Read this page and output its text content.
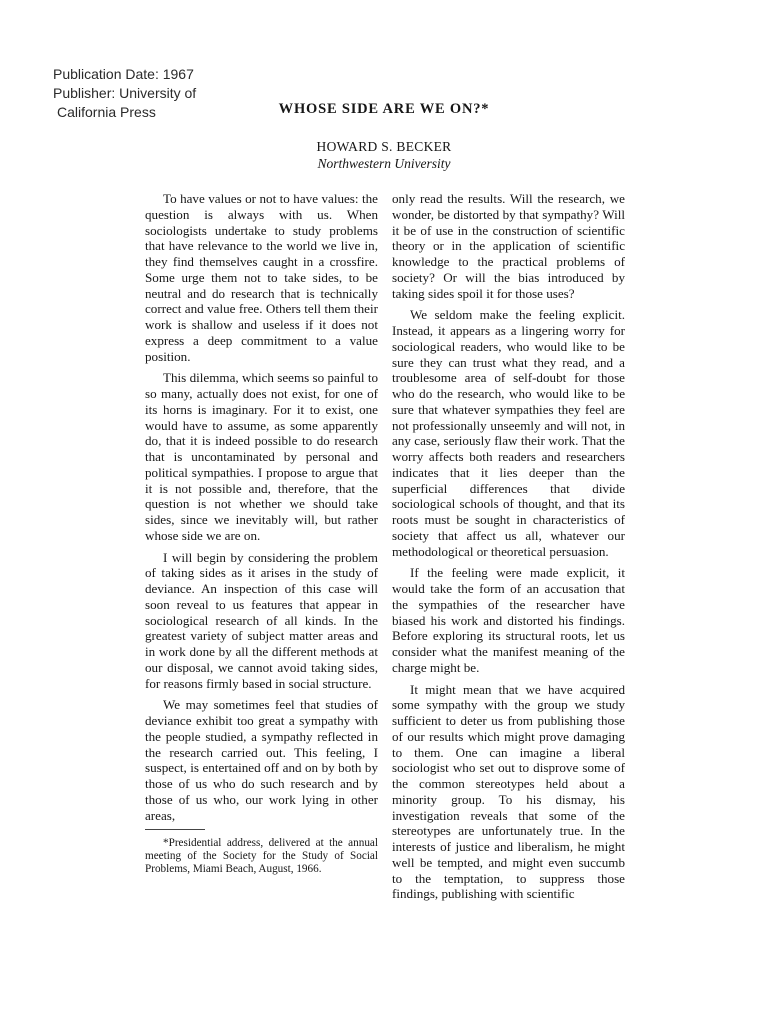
Publication Date: 1967
Publisher: University of
California Press	WHOSE SIDE ARE WE ON?*
HOWARD S. BECKER
Northwestern University

To have values or not to have values: the question is always with us. When sociologists undertake to study problems that have relevance to the world we live in, they find themselves caught in a crossfire. Some urge them not to take sides, to be neutral and do research that is technically correct and value free. Others tell them their work is shallow and useless if it does not express a deep commitment to a value position.

This dilemma, which seems so painful to so many, actually does not exist, for one of its horns is imaginary. For it to exist, one would have to assume, as some apparently do, that it is indeed possible to do research that is uncontaminated by personal and political sympathies. I propose to argue that it is not possible and, therefore, that the question is not whether we should take sides, since we inevitably will, but rather whose side we are on.

I will begin by considering the problem of taking sides as it arises in the study of deviance. An inspection of this case will soon reveal to us features that appear in sociological research of all kinds. In the greatest variety of subject matter areas and in work done by all the different methods at our disposal, we cannot avoid taking sides, for reasons firmly based in social structure.

We may sometimes feel that studies of deviance exhibit too great a sympathy with the people studied, a sympathy reflected in the research carried out. This feeling, I suspect, is entertained off and on by both by those of us who do such research and by those of us who, our work lying in other areas,

*Presidential address, delivered at the annual meeting of the Society for the Study of Social Problems, Miami Beach, August, 1966.

only read the results. Will the research, we wonder, be distorted by that sympathy? Will it be of use in the construction of scientific theory or in the application of scientific knowledge to the practical problems of society? Or will the bias introduced by taking sides spoil it for those uses?

We seldom make the feeling explicit. Instead, it appears as a lingering worry for sociological readers, who would like to be sure they can trust what they read, and a troublesome area of self-doubt for those who do the research, who would like to be sure that whatever sympathies they feel are not professionally unseemly and will not, in any case, seriously flaw their work. That the worry affects both readers and researchers indicates that it lies deeper than the superficial differences that divide sociological schools of thought, and that its roots must be sought in characteristics of society that affect us all, whatever our methodological or theoretical persuasion.

If the feeling were made explicit, it would take the form of an accusation that the sympathies of the researcher have biased his work and distorted his findings. Before exploring its structural roots, let us consider what the manifest meaning of the charge might be.

It might mean that we have acquired some sympathy with the group we study sufficient to deter us from publishing those of our results which might prove damaging to them. One can imagine a liberal sociologist who set out to disprove some of the common stereotypes held about a minority group. To his dismay, his investigation reveals that some of the stereotypes are unfortunately true. In the interests of justice and liberalism, he might well be tempted, and might even succumb to the temptation, to suppress those findings, publishing with scientific
